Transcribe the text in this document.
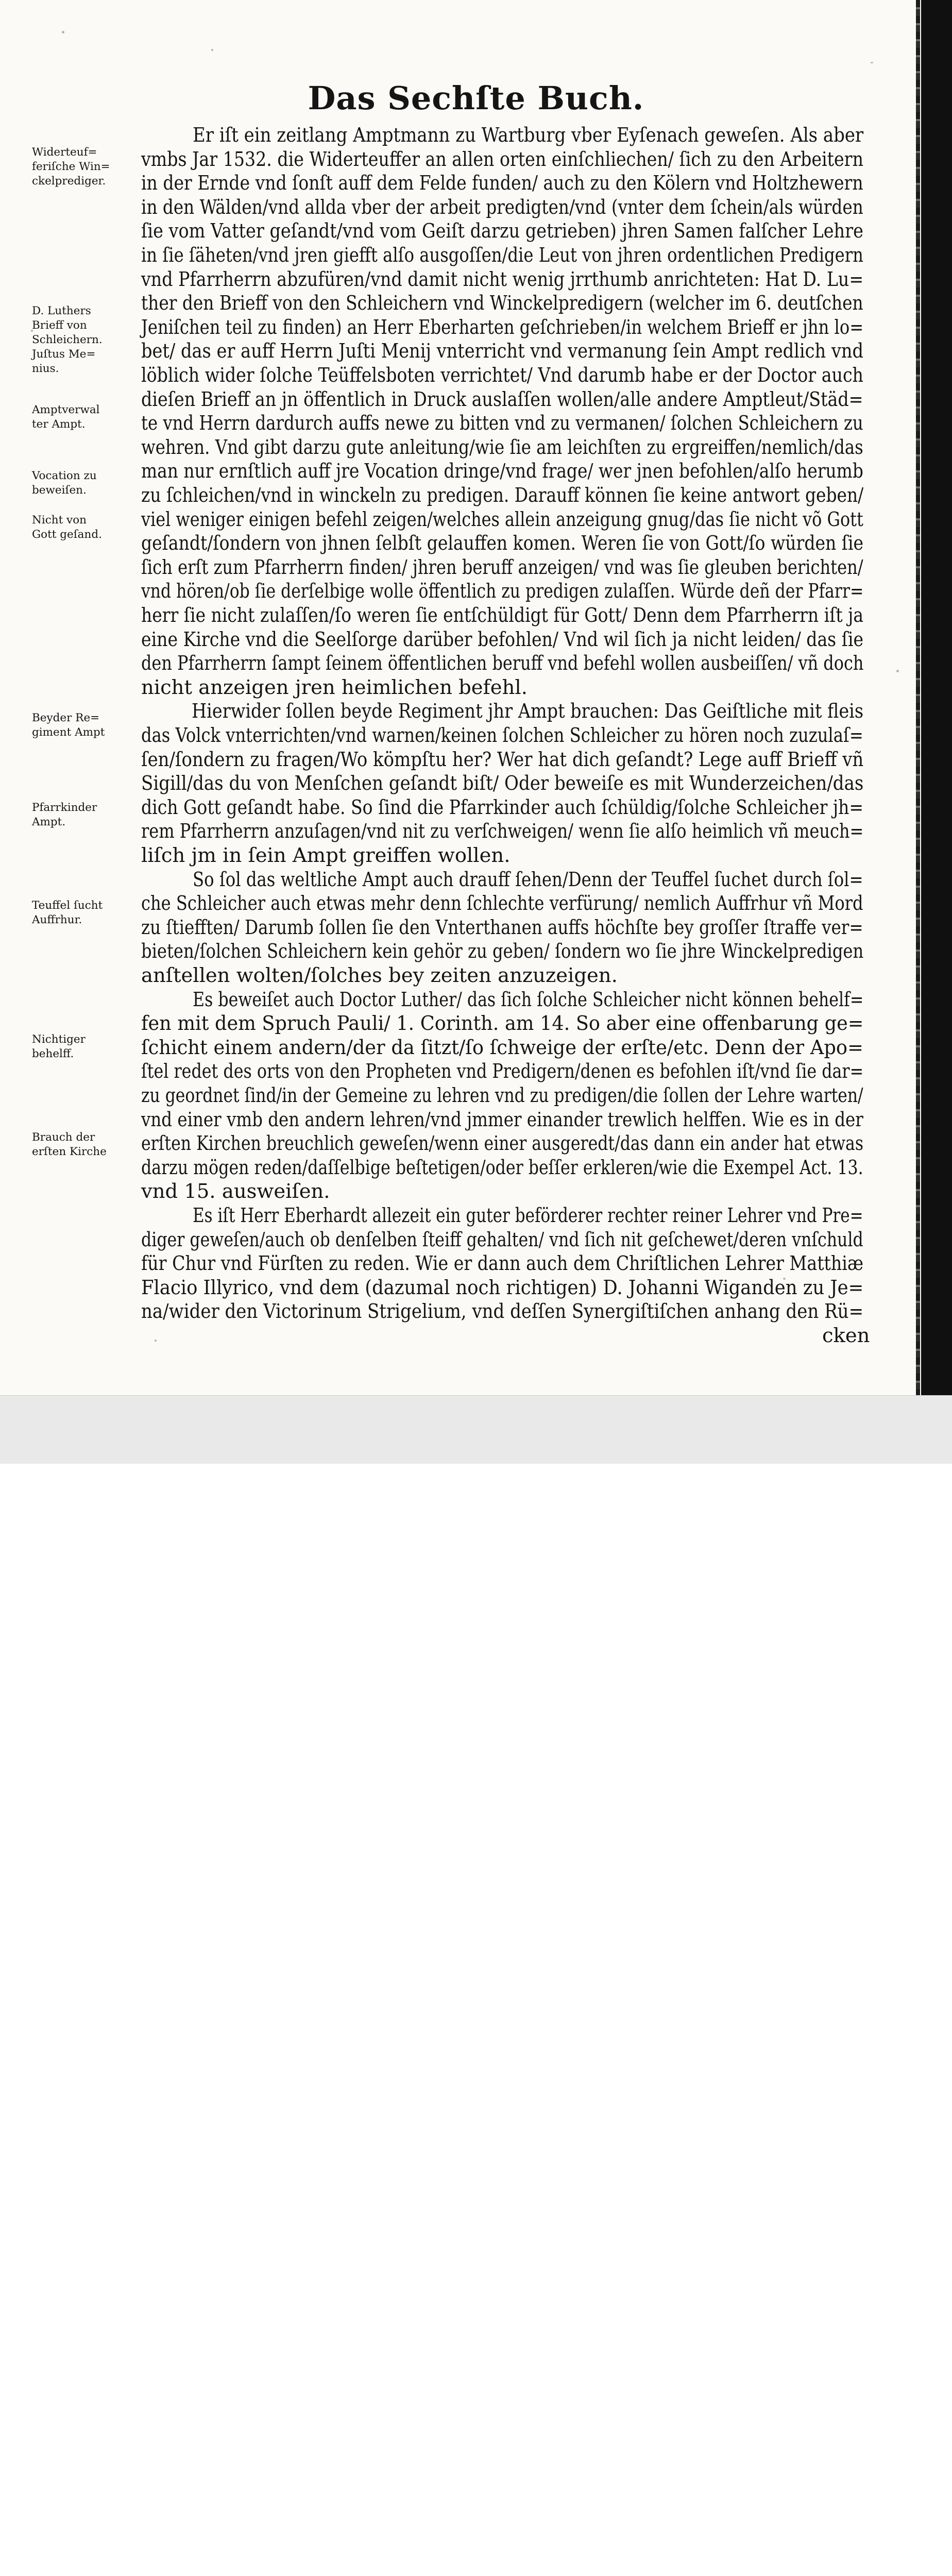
Das Sechſte Buch.
Er iſt ein zeitlang Amptmann zu Wartburg vber Eyſenach geweſen. Als aber
vmbs Jar 1532. die Widerteuffer an allen orten einſchliechen/ ſich zu den Arbeitern
in der Ernde vnd ſonſt auff dem Felde funden/ auch zu den Kölern vnd Holtzhewern
in den Wälden/vnd allda vber der arbeit predigten/vnd (vnter dem ſchein/als würden
ſie vom Vatter geſandt/vnd vom Geiſt darzu getrieben) jhren Samen falſcher Lehre
in ſie ſäheten/vnd jren giefft alſo ausgoſſen/die Leut von jhren ordentlichen Predigern
vnd Pfarrherrn abzufüren/vnd damit nicht wenig jrrthumb anrichteten: Hat D. Lu=
ther den Brieff von den Schleichern vnd Winckelpredigern (welcher im 6. deutſchen
Jeniſchen teil zu finden) an Herr Eberharten geſchrieben/in welchem Brieff er jhn lo=
bet/ das er auff Herrn Juſti Menij vnterricht vnd vermanung ſein Ampt redlich vnd
löblich wider ſolche Teüffelsboten verrichtet/ Vnd darumb habe er der Doctor auch
dieſen Brieff an jn öffentlich in Druck auslaſſen wollen/alle andere Amptleut/Städ=
te vnd Herrn dardurch auffs newe zu bitten vnd zu vermanen/ ſolchen Schleichern zu
wehren. Vnd gibt darzu gute anleitung/wie ſie am leichſten zu ergreiffen/nemlich/das
man nur ernſtlich auff jre Vocation dringe/vnd frage/ wer jnen befohlen/alſo herumb
zu ſchleichen/vnd in winckeln zu predigen. Darauff können ſie keine antwort geben/
viel weniger einigen befehl zeigen/welches allein anzeigung gnug/das ſie nicht võ Gott
geſandt/ſondern von jhnen ſelbſt gelauffen komen. Weren ſie von Gott/ſo würden ſie
ſich erſt zum Pfarrherrn finden/ jhren beruff anzeigen/ vnd was ſie gleuben berichten/
vnd hören/ob ſie derſelbige wolle öffentlich zu predigen zulaſſen. Würde deñ der Pfarr=
herr ſie nicht zulaſſen/ſo weren ſie entſchüldigt für Gott/ Denn dem Pfarrherrn iſt ja
eine Kirche vnd die Seelſorge darüber befohlen/ Vnd wil ſich ja nicht leiden/ das ſie
den Pfarrherrn ſampt ſeinem öffentlichen beruff vnd befehl wollen ausbeiſſen/ vñ doch
nicht anzeigen jren heimlichen befehl.
Hierwider ſollen beyde Regiment jhr Ampt brauchen: Das Geiſtliche mit fleis
das Volck vnterrichten/vnd warnen/keinen ſolchen Schleicher zu hören noch zuzulaſ=
ſen/ſondern zu fragen/Wo kömpſtu her? Wer hat dich geſandt? Lege auff Brieff vñ
Sigill/das du von Menſchen geſandt biſt/ Oder beweiſe es mit Wunderzeichen/das
dich Gott geſandt habe. So ſind die Pfarrkinder auch ſchüldig/ſolche Schleicher jh=
rem Pfarrherrn anzuſagen/vnd nit zu verſchweigen/ wenn ſie alſo heimlich vñ meuch=
liſch jm in ſein Ampt greiffen wollen.
So ſol das weltliche Ampt auch drauff ſehen/Denn der Teuffel ſuchet durch ſol=
che Schleicher auch etwas mehr denn ſchlechte verfürung/ nemlich Auffrhur vñ Mord
zu ſtiefften/ Darumb ſollen ſie den Vnterthanen auffs höchſte bey groſſer ſtraffe ver=
bieten/ſolchen Schleichern kein gehör zu geben/ ſondern wo ſie jhre Winckelpredigen
anſtellen wolten/ſolches bey zeiten anzuzeigen.
Es beweiſet auch Doctor Luther/ das ſich ſolche Schleicher nicht können behelf=
fen mit dem Spruch Pauli/ 1. Corinth. am 14. So aber eine offenbarung ge=
ſchicht einem andern/der da ſitzt/ſo ſchweige der erſte/etc. Denn der Apo=
ſtel redet des orts von den Propheten vnd Predigern/denen es befohlen iſt/vnd ſie dar=
zu geordnet ſind/in der Gemeine zu lehren vnd zu predigen/die ſollen der Lehre warten/
vnd einer vmb den andern lehren/vnd jmmer einander trewlich helffen. Wie es in der
erſten Kirchen breuchlich geweſen/wenn einer ausgeredt/das dann ein ander hat etwas
darzu mögen reden/daſſelbige beſtetigen/oder beſſer erkleren/wie die Exempel Act. 13.
vnd 15. ausweiſen.
Es iſt Herr Eberhardt allezeit ein guter beförderer rechter reiner Lehrer vnd Pre=
diger geweſen/auch ob denſelben ſteiff gehalten/ vnd ſich nit geſchewet/deren vnſchuld
für Chur vnd Fürſten zu reden. Wie er dann auch dem Chriſtlichen Lehrer Matthiæ
Flacio Illyrico, vnd dem (dazumal noch richtigen) D. Johanni Wiganden zu Je=
na/wider den Victorinum Strigelium, vnd deſſen Synergiſtiſchen anhang den Rü=
cken
Widerteuf=
feriſche Win=
ckelprediger.
D. Luthers
Brieff von
Schleichern.
Juſtus Me=
nius.
Amptverwal
ter Ampt.
Vocation zu
beweiſen.
Nicht von
Gott geſand.
Beyder Re=
giment Ampt
Pfarrkinder
Ampt.
Teuffel ſucht
Auffrhur.
Nichtiger
behelff.
Brauch der
erſten Kirche
